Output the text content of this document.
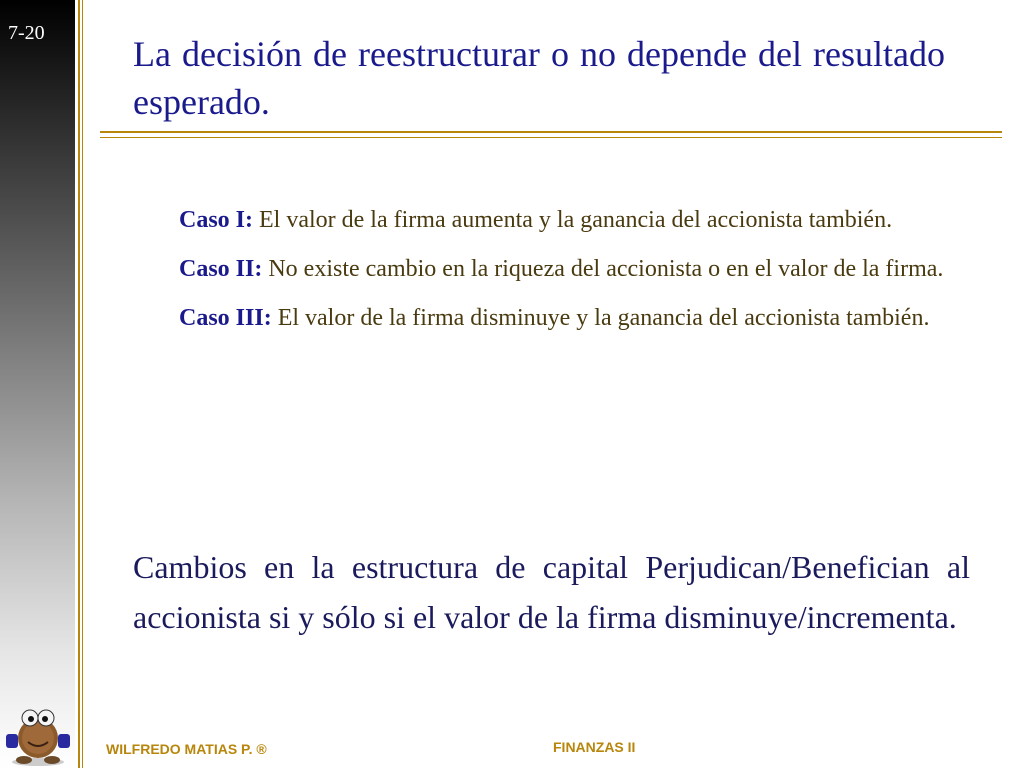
7-20
La decisión de reestructurar o no depende del resultado esperado.

Caso I: El valor de la firma aumenta y la ganancia del accionista también.

Caso II: No existe cambio en la riqueza del accionista o en el valor de la firma.

Caso III: El valor de la firma disminuye y la ganancia del accionista también.

Cambios en la estructura de capital Perjudican/Benefician al accionista si y sólo si el valor de la firma disminuye/incrementa.
WILFREDO MATIAS P. ®	FINANZAS II
